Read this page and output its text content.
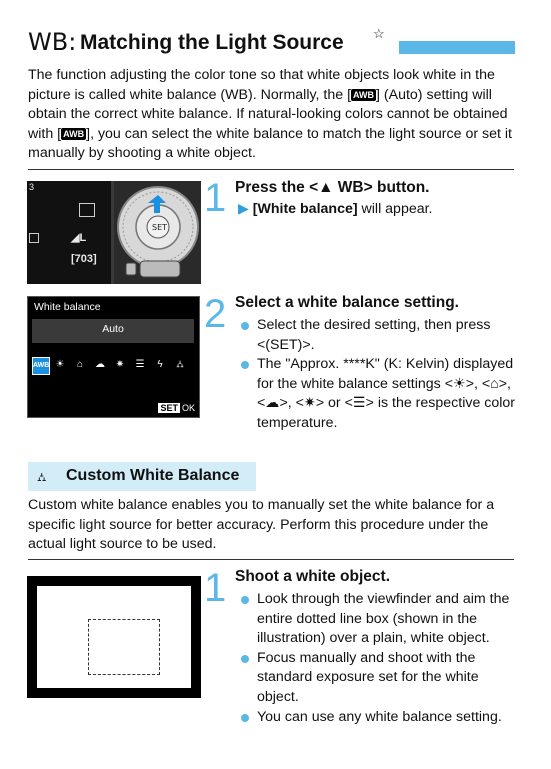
WB: Matching the Light Source ☆
The function adjusting the color tone so that white objects look white in the picture is called white balance (WB). Normally, the [ AWB ] (Auto) setting will obtain the correct white balance. If natural-looking colors cannot be obtained with [ AWB ], you can select the white balance to match the light source or set it manually by shooting a white object.
3
◢L
[703]
SET
1 Press the <▲ WB> button.
▶ [White balance] will appear.
White balance
Auto
AWB ☀	⌂	☁	✷	☰	ϟ	⛼
SET OK
2 Select a white balance setting.
Select the desired setting, then press <(SET)>.
The "Approx. ****K" (K: Kelvin) displayed for the white balance settings <☀>, <⌂>, <☁>, <✷> or <☰> is the respective color temperature.
⛼ Custom White Balance
Custom white balance enables you to manually set the white balance for a specific light source for better accuracy. Perform this procedure under the actual light source to be used.
1 Shoot a white object.
Look through the viewfinder and aim the entire dotted line box (shown in the illustration) over a plain, white object.
Focus manually and shoot with the standard exposure set for the white object.
You can use any white balance setting.
